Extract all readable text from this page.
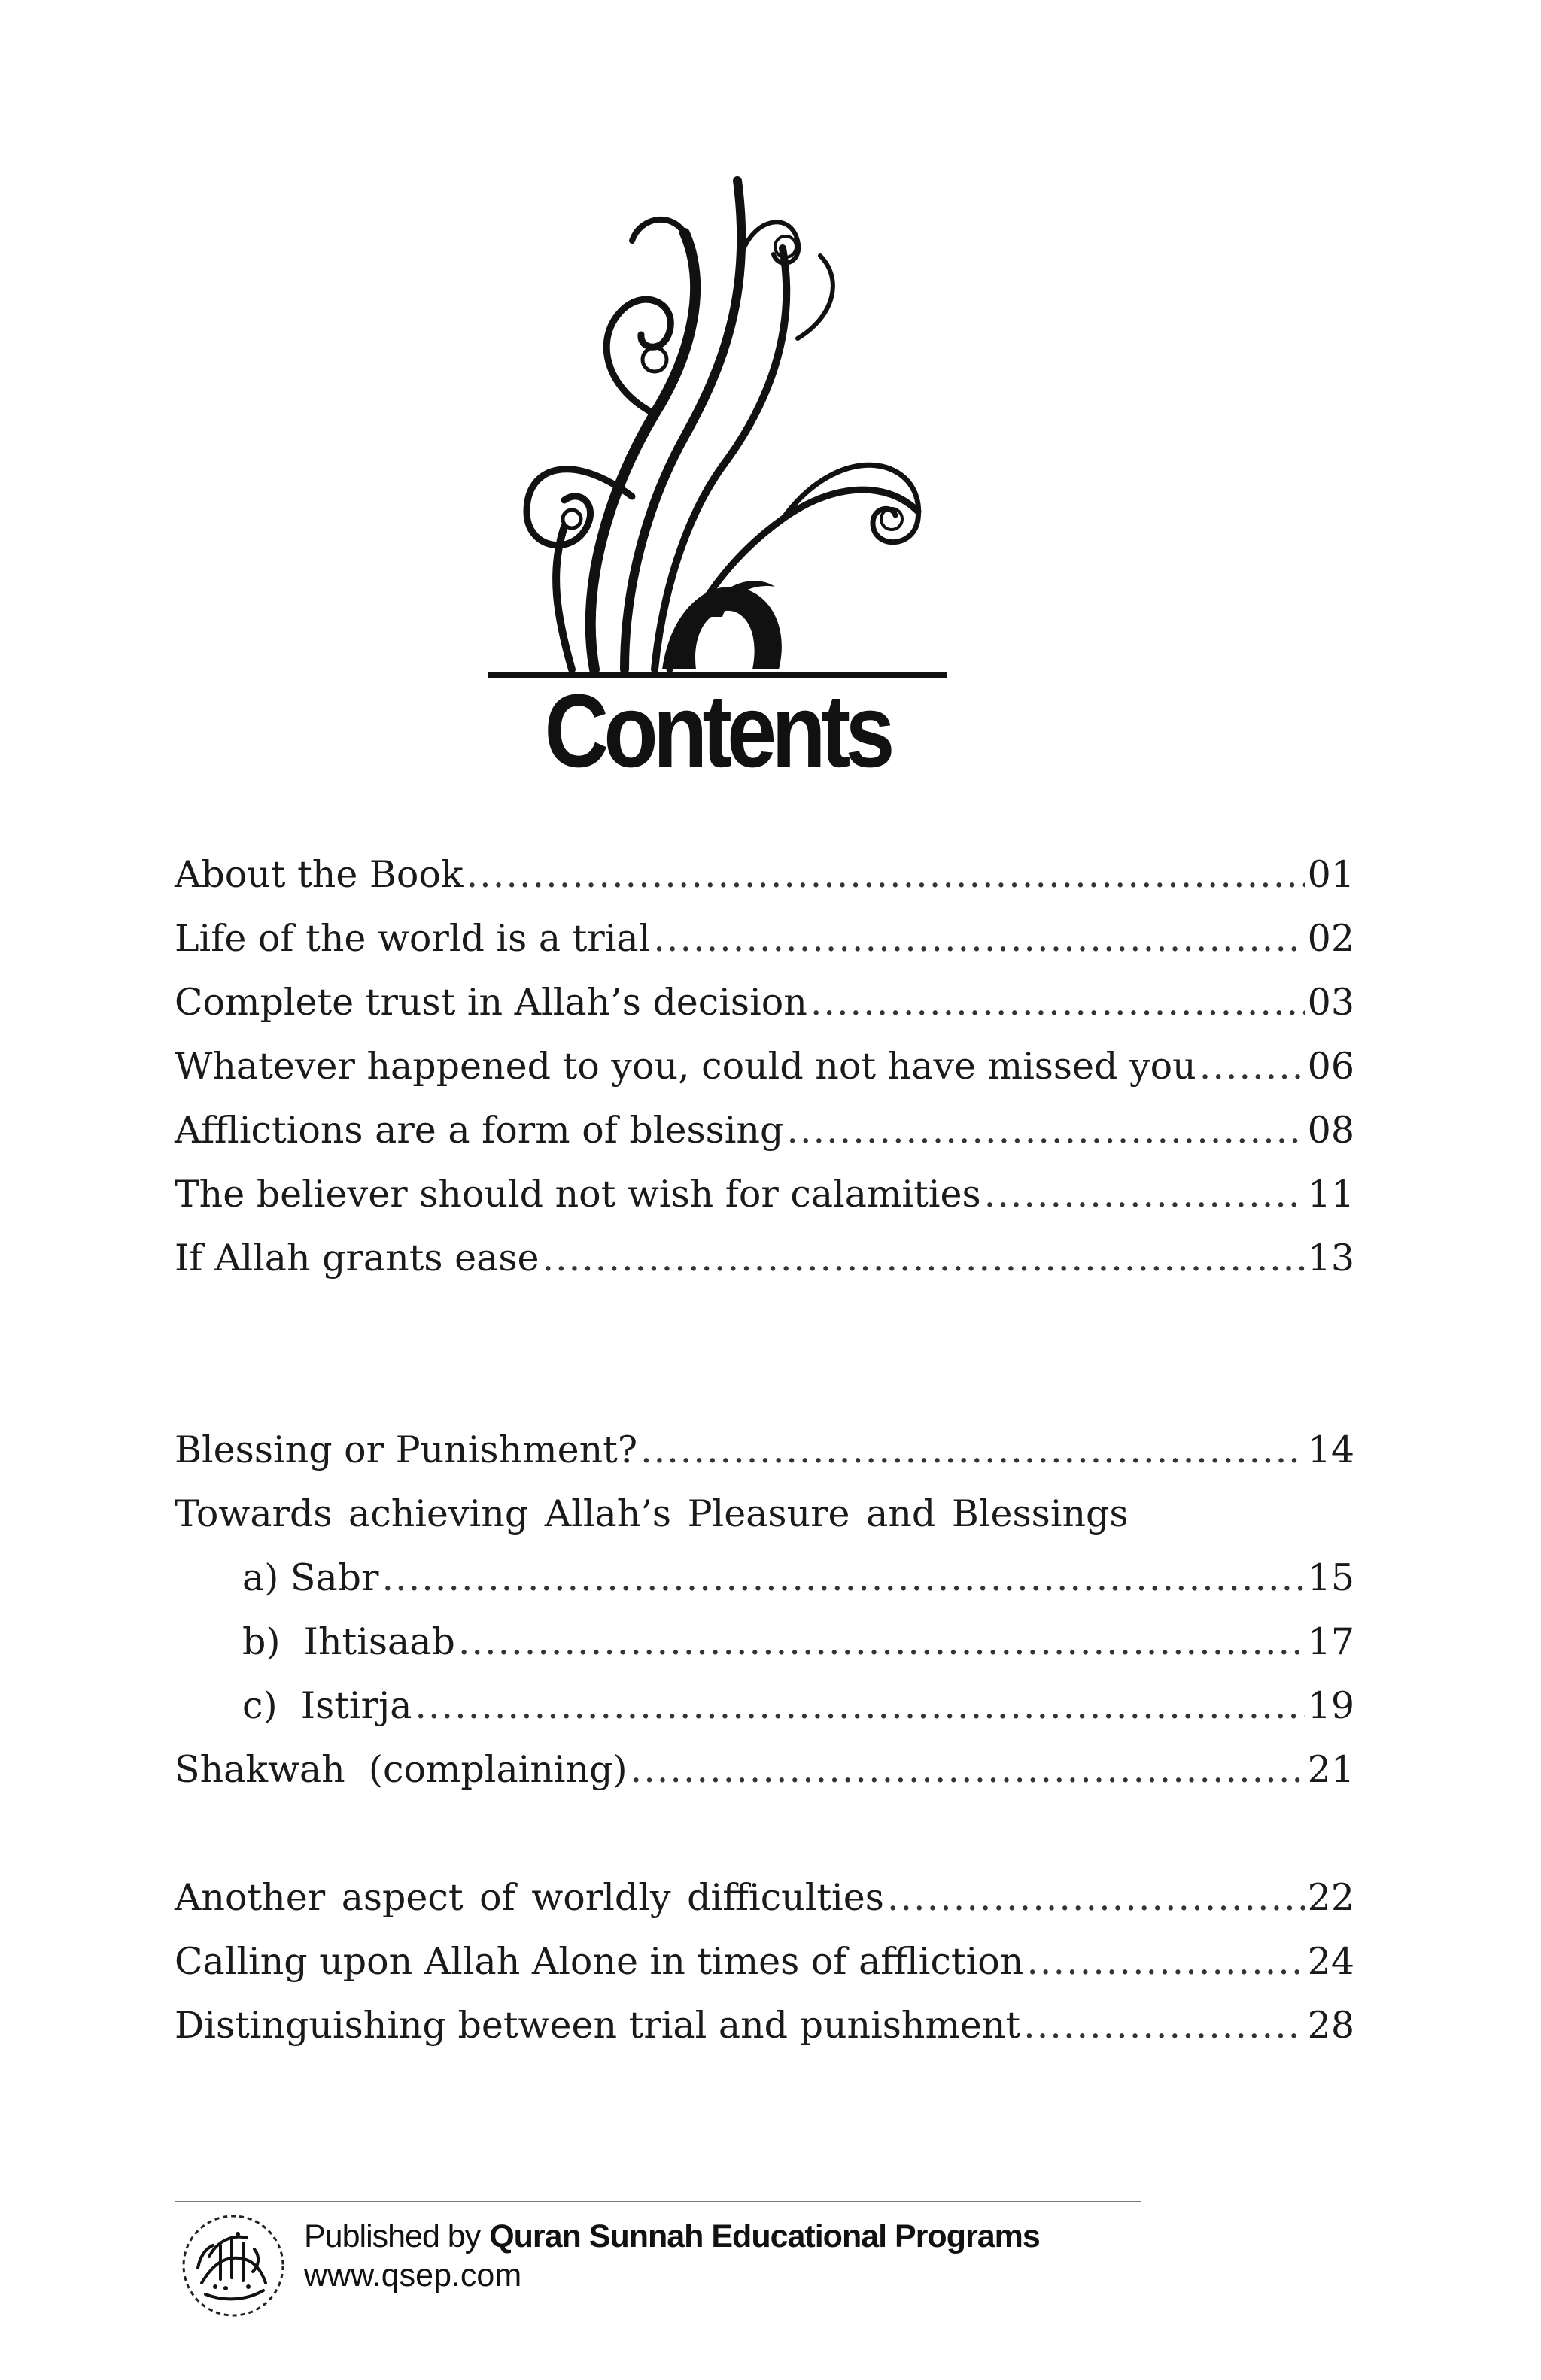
Contents
About the Book .....	01
Life of the world is a trial .....	02
Complete trust in Allah’s decision .....	03
Whatever happened to you, could not have missed you .....	06
Afflictions are a form of blessing .....	08
The believer should not wish for calamities .....	11
If Allah grants ease .....	13
Blessing or Punishment? .....	14
Towards achieving Allah’s Pleasure and Blessings
a) Sabr .....	15
b)  Ihtisaab .....	17
c)  Istirja .....	19
Shakwah  (complaining) .....	21
Another aspect of worldly difficulties .....	22
Calling upon Allah Alone in times of affliction .....	24
Distinguishing between trial and punishment .....	28
Published by Quran Sunnah Educational Programs
www.qsep.com
